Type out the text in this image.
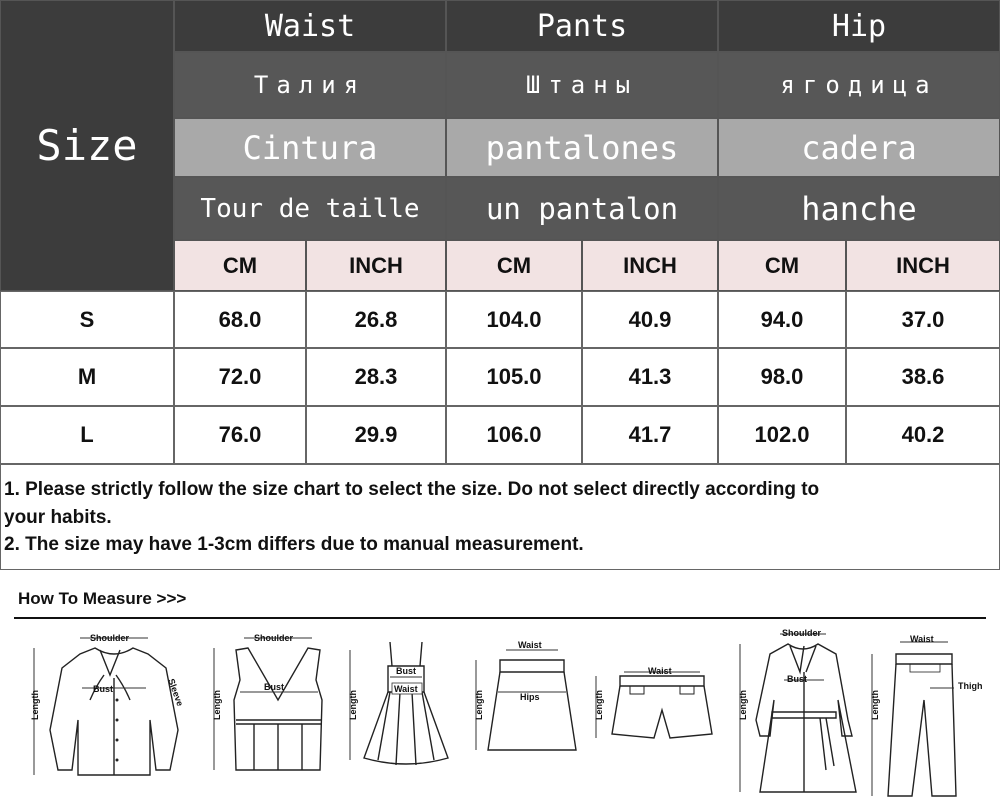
Size
Waist
Талия
Cintura
Tour de taille
Pants
Штаны
pantalones
un pantalon
Hip
ягодица
cadera
hanche
CM	INCH	CM	INCH	CM	INCH
S	68.0	26.8	104.0	40.9	94.0	37.0
M	72.0	28.3	105.0	41.3	98.0	38.6
L	76.0	29.9	106.0	41.7	102.0	40.2
1. Please strictly follow the size chart to select the size. Do not select directly according to
your habits.
2. The size may have 1-3cm differs due to manual measurement.
How To Measure >>>
Shoulder
Bust
Length	Sleeve
Shoulder
Bust
Length
Bust
Waist
Length
Waist
Hips
Length
Waist
Length
Shoulder
Bust
Length
Waist
Thigh
Length
